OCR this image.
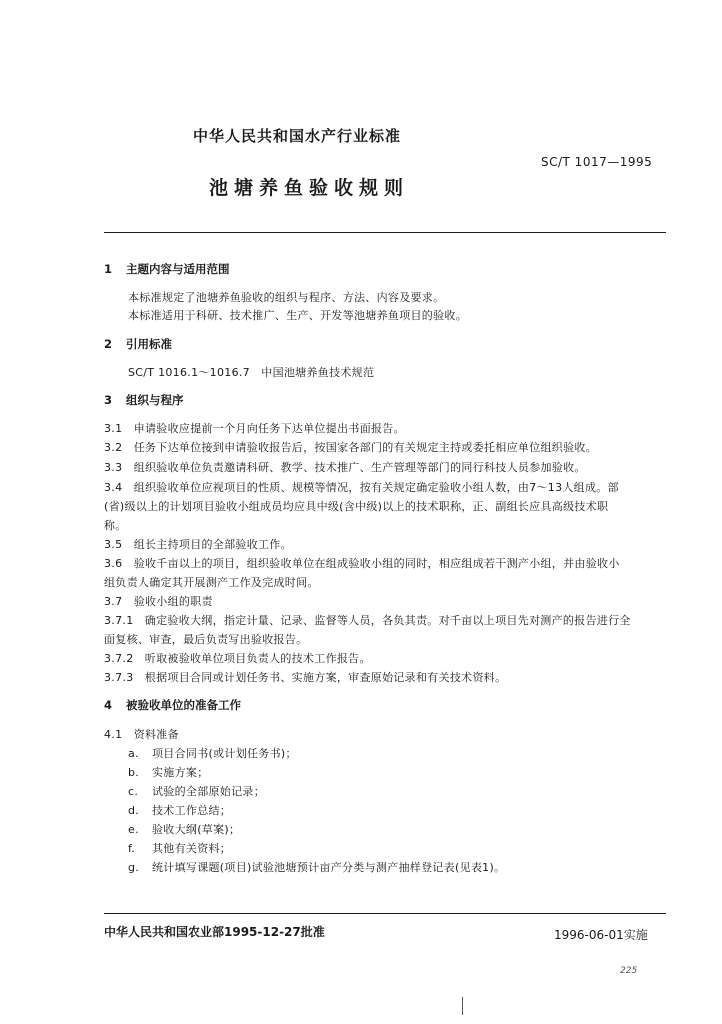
中华人民共和国水产行业标准
SC/T 1017—1995
池塘养鱼验收规则
1 主题内容与适用范围
本标准规定了池塘养鱼验收的组织与程序、方法、内容及要求。
本标准适用于科研、技术推广、生产、开发等池塘养鱼项目的验收。
2 引用标准
SC/T 1016.1～1016.7　中国池塘养鱼技术规范
3 组织与程序
3.1　申请验收应提前一个月向任务下达单位提出书面报告。
3.2　任务下达单位接到申请验收报告后，按国家各部门的有关规定主持或委托相应单位组织验收。
3.3　组织验收单位负责邀请科研、教学、技术推广、生产管理等部门的同行科技人员参加验收。
3.4　组织验收单位应视项目的性质、规模等情况，按有关规定确定验收小组人数，由7～13人组成。部
(省)级以上的计划项目验收小组成员均应具中级(含中级)以上的技术职称，正、副组长应具高级技术职
称。
3.5　组长主持项目的全部验收工作。
3.6　验收千亩以上的项目，组织验收单位在组成验收小组的同时，相应组成若干测产小组，并由验收小
组负责人确定其开展测产工作及完成时间。
3.7　验收小组的职责
3.7.1　确定验收大纲，指定计量、记录、监督等人员，各负其责。对千亩以上项目先对测产的报告进行全
面复核、审查，最后负责写出验收报告。
3.7.2　听取被验收单位项目负责人的技术工作报告。
3.7.3　根据项目合同或计划任务书、实施方案，审查原始记录和有关技术资料。
4 被验收单位的准备工作
4.1　资料准备
a. 项目合同书(或计划任务书)；
b. 实施方案；
c. 试验的全部原始记录；
d. 技术工作总结；
e. 验收大纲(草案)；
f. 其他有关资料；
g. 统计填写课题(项目)试验池塘预计亩产分类与测产抽样登记表(见表1)。
中华人民共和国农业部1995-12-27批准	1996-06-01实施
225
